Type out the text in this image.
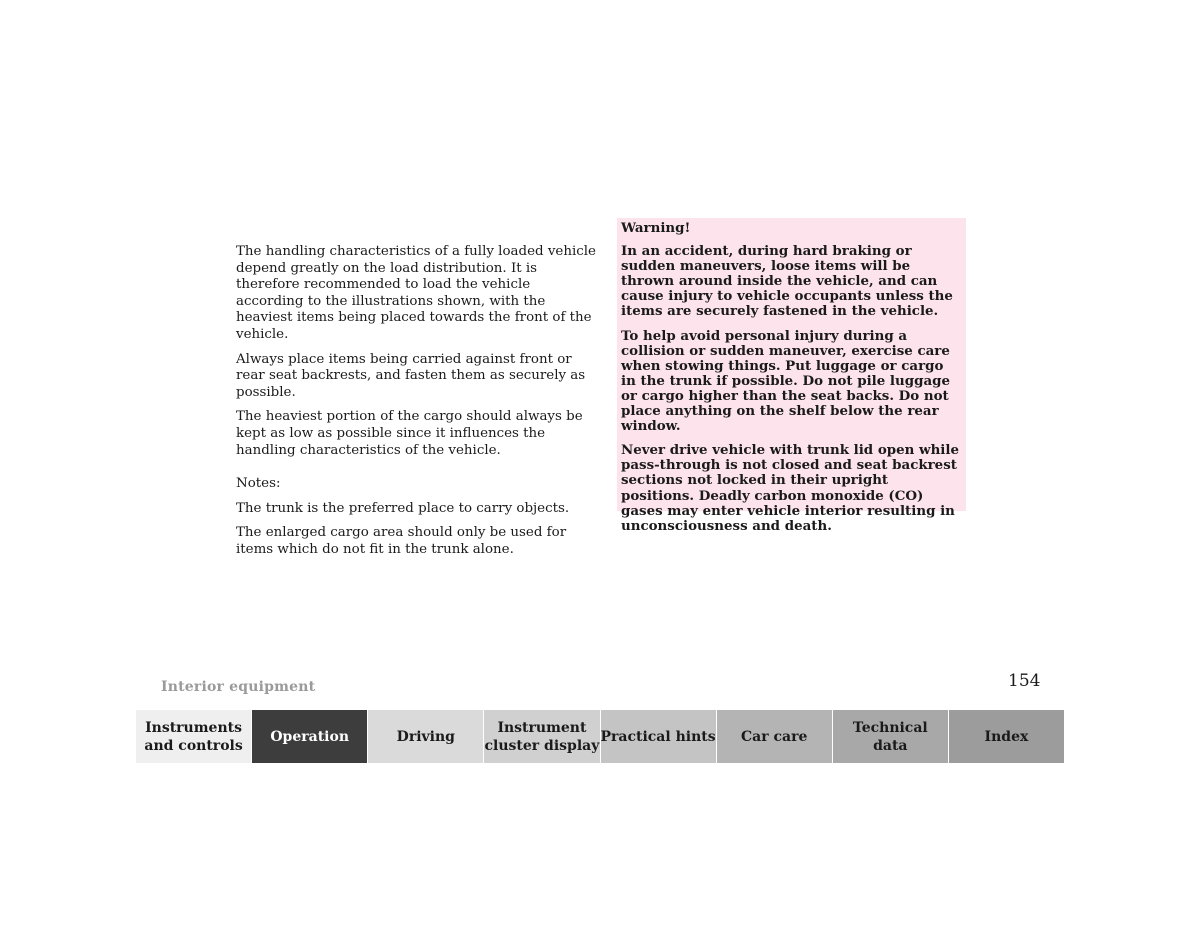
The handling characteristics of a fully loaded vehicle depend greatly on the load distribution. It is therefore recommended to load the vehicle according to the illustrations shown, with the heaviest items being placed towards the front of the vehicle.

Always place items being carried against front or rear seat backrests, and fasten them as securely as possible.

The heaviest portion of the cargo should always be kept as low as possible since it influences the handling characteristics of the vehicle.

Notes:

The trunk is the preferred place to carry objects.

The enlarged cargo area should only be used for items which do not fit in the trunk alone.

Warning!

In an accident, during hard braking or sudden maneuvers, loose items will be thrown around inside the vehicle, and can cause injury to vehicle occupants unless the items are securely fastened in the vehicle.

To help avoid personal injury during a collision or sudden maneuver, exercise care when stowing things. Put luggage or cargo in the trunk if possible. Do not pile luggage or cargo higher than the seat backs. Do not place anything on the shelf below the rear window.

Never drive vehicle with trunk lid open while pass-through is not closed and seat backrest sections not locked in their upright positions. Deadly carbon monoxide (CO) gases may enter vehicle interior resulting in unconsciousness and death.

Interior equipment	154
Instruments
and controls
Operation	Driving
Instrument
cluster display
Practical hints	Car care
Technical
data
Index
